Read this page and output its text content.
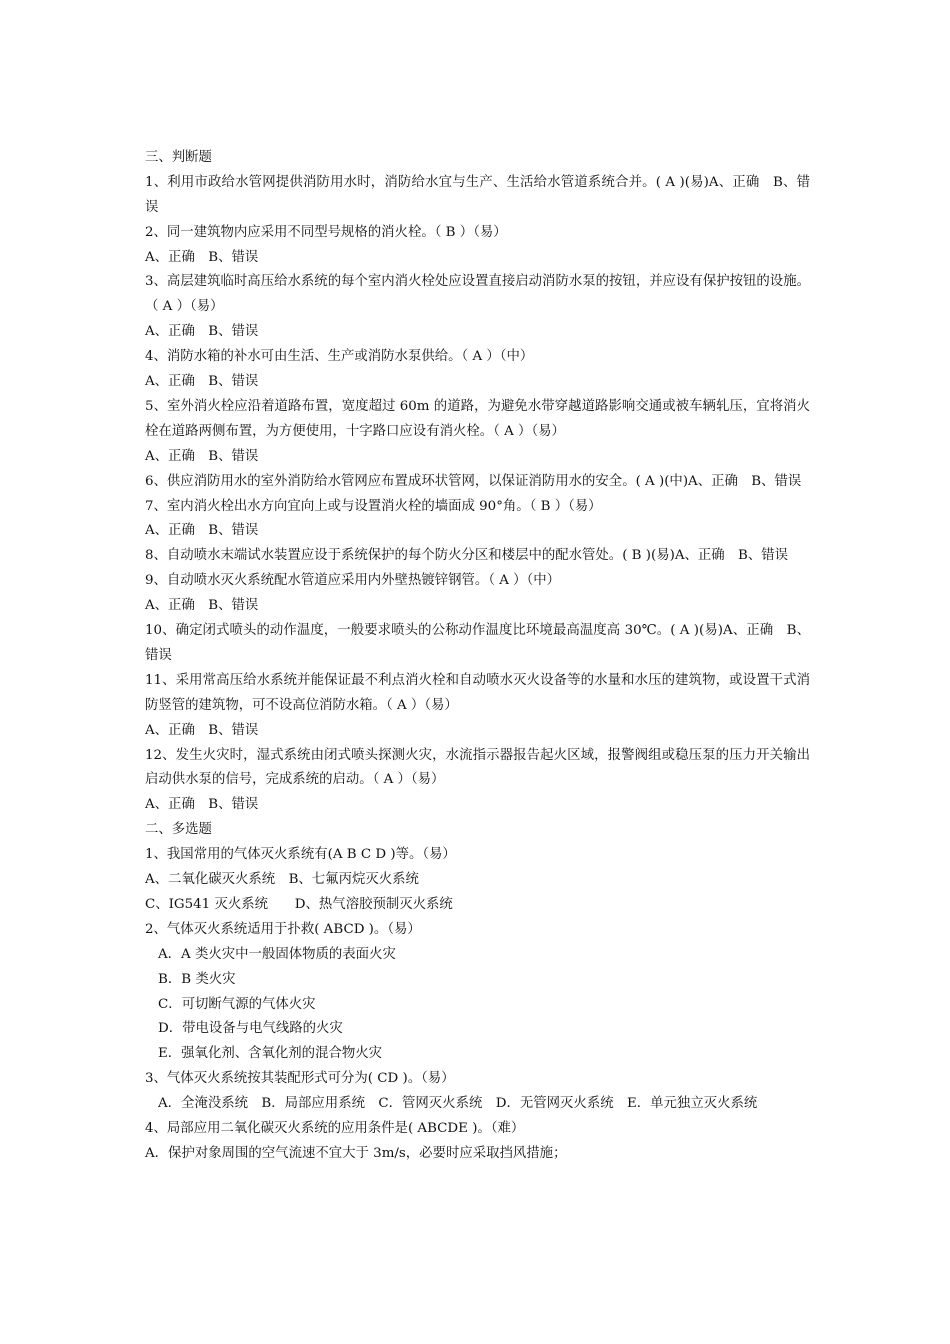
三、判断题
1、利用市政给水管网提供消防用水时，消防给水宜与生产、生活给水管道系统合并。( A )(易)A、正确　B、错误
2、同一建筑物内应采用不同型号规格的消火栓。（ B ）（易）
A、正确　B、错误
3、高层建筑临时高压给水系统的每个室内消火栓处应设置直接启动消防水泵的按钮，并应设有保护按钮的设施。（ A ）（易）
A、正确　B、错误
4、消防水箱的补水可由生活、生产或消防水泵供给。（ A ）（中）
A、正确　B、错误
5、室外消火栓应沿着道路布置，宽度超过 60m 的道路，为避免水带穿越道路影响交通或被车辆轧压，宜将消火栓在道路两侧布置，为方便使用，十字路口应设有消火栓。（ A ）（易）
A、正确　B、错误
6、供应消防用水的室外消防给水管网应布置成环状管网，以保证消防用水的安全。( A )(中)A、正确　B、错误
7、室内消火栓出水方向宜向上或与设置消火栓的墙面成 90°角。（ B ）（易）
A、正确　B、错误
8、自动喷水末端试水装置应设于系统保护的每个防火分区和楼层中的配水管处。( B )(易)A、正确　B、错误
9、自动喷水灭火系统配水管道应采用内外壁热镀锌钢管。（ A ）（中）
A、正确　B、错误
10、确定闭式喷头的动作温度，一般要求喷头的公称动作温度比环境最高温度高 30℃。( A )(易)A、正确　B、错误
11、采用常高压给水系统并能保证最不利点消火栓和自动喷水灭火设备等的水量和水压的建筑物，或设置干式消防竖管的建筑物，可不设高位消防水箱。（ A ）（易）
A、正确　B、错误
12、发生火灾时，湿式系统由闭式喷头探测火灾，水流指示器报告起火区域，报警阀组或稳压泵的压力开关输出启动供水泵的信号，完成系统的启动。（ A ）（易）
A、正确　B、错误
二、多选题
1、我国常用的气体灭火系统有(A B C D )等。（易）
A、二氧化碳灭火系统　B、七氟丙烷灭火系统
C、IG541 灭火系统　　D、热气溶胶预制灭火系统
2、气体灭火系统适用于扑救( ABCD )。（易）
A．A 类火灾中一般固体物质的表面火灾
B．B 类火灾
C．可切断气源的气体火灾
D．带电设备与电气线路的火灾
E．强氧化剂、含氧化剂的混合物火灾
3、气体灭火系统按其装配形式可分为( CD )。（易）
A．全淹没系统　B．局部应用系统　C．管网灭火系统　D．无管网灭火系统　E．单元独立灭火系统
4、局部应用二氧化碳灭火系统的应用条件是( ABCDE )。（难）
A．保护对象周围的空气流速不宜大于 3m/s，必要时应采取挡风措施；
